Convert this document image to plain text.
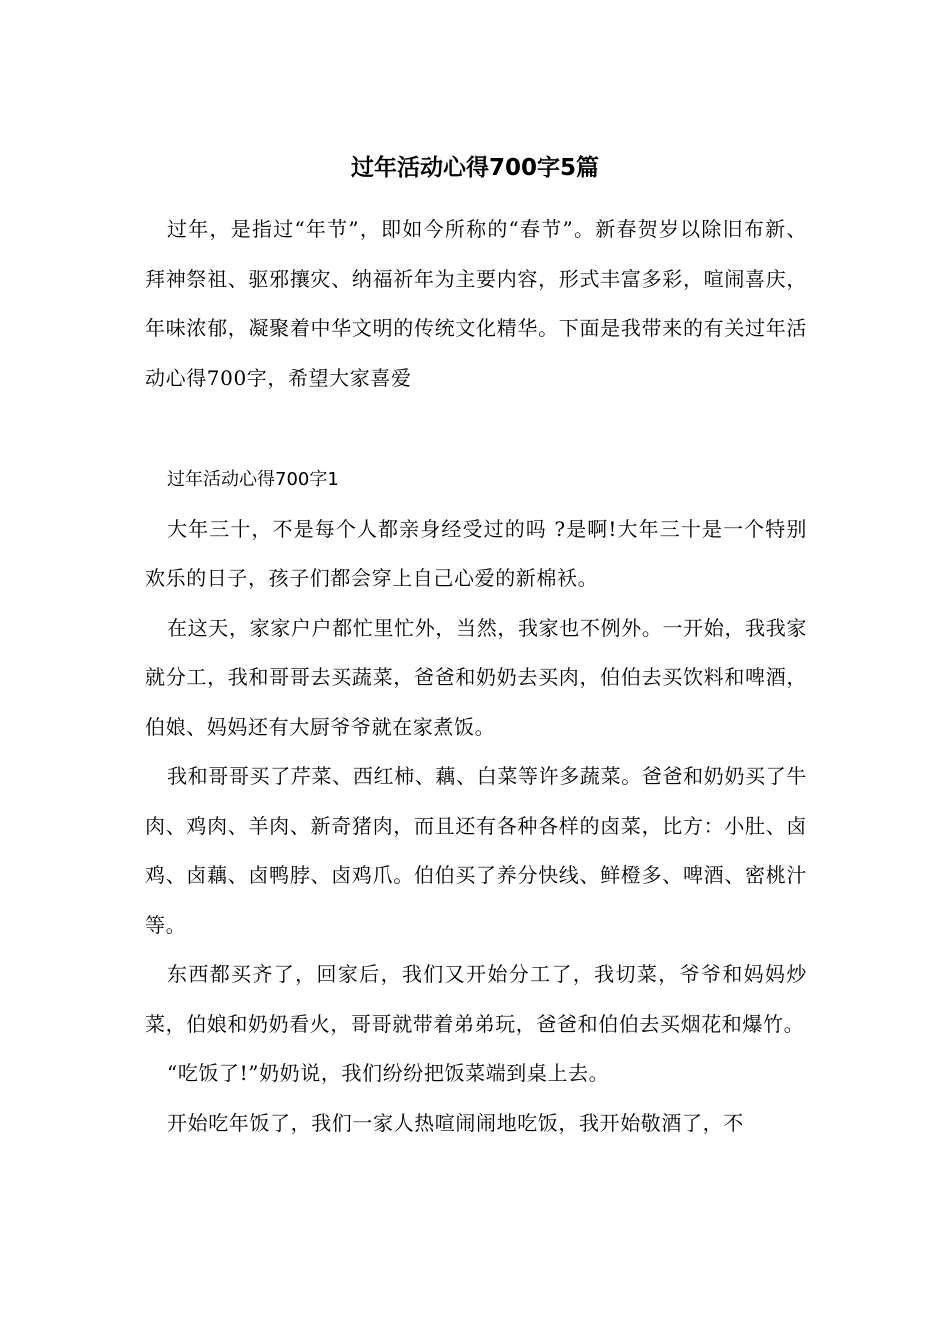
过年活动心得700字5篇

过年，是指过“年节”，即如今所称的“春节”。新春贺岁以除旧布新、拜神祭祖、驱邪攘灾、纳福祈年为主要内容，形式丰富多彩，喧闹喜庆，年味浓郁，凝聚着中华文明的传统文化精华。下面是我带来的有关过年活动心得700字，希望大家喜爱

过年活动心得700字1

大年三十，不是每个人都亲身经受过的吗 ?是啊!大年三十是一个特别欢乐的日子，孩子们都会穿上自己心爱的新棉袄。

在这天，家家户户都忙里忙外，当然，我家也不例外。一开始，我我家就分工，我和哥哥去买蔬菜，爸爸和奶奶去买肉，伯伯去买饮料和啤酒，伯娘、妈妈还有大厨爷爷就在家煮饭。

我和哥哥买了芹菜、西红柿、藕、白菜等许多蔬菜。爸爸和奶奶买了牛肉、鸡肉、羊肉、新奇猪肉，而且还有各种各样的卤菜，比方：小肚、卤鸡、卤藕、卤鸭脖、卤鸡爪。伯伯买了养分快线、鲜橙多、啤酒、密桃汁等。

东西都买齐了，回家后，我们又开始分工了，我切菜，爷爷和妈妈炒菜，伯娘和奶奶看火，哥哥就带着弟弟玩，爸爸和伯伯去买烟花和爆竹。

“吃饭了!”奶奶说，我们纷纷把饭菜端到桌上去。

开始吃年饭了，我们一家人热喧闹闹地吃饭，我开始敬酒了，不
